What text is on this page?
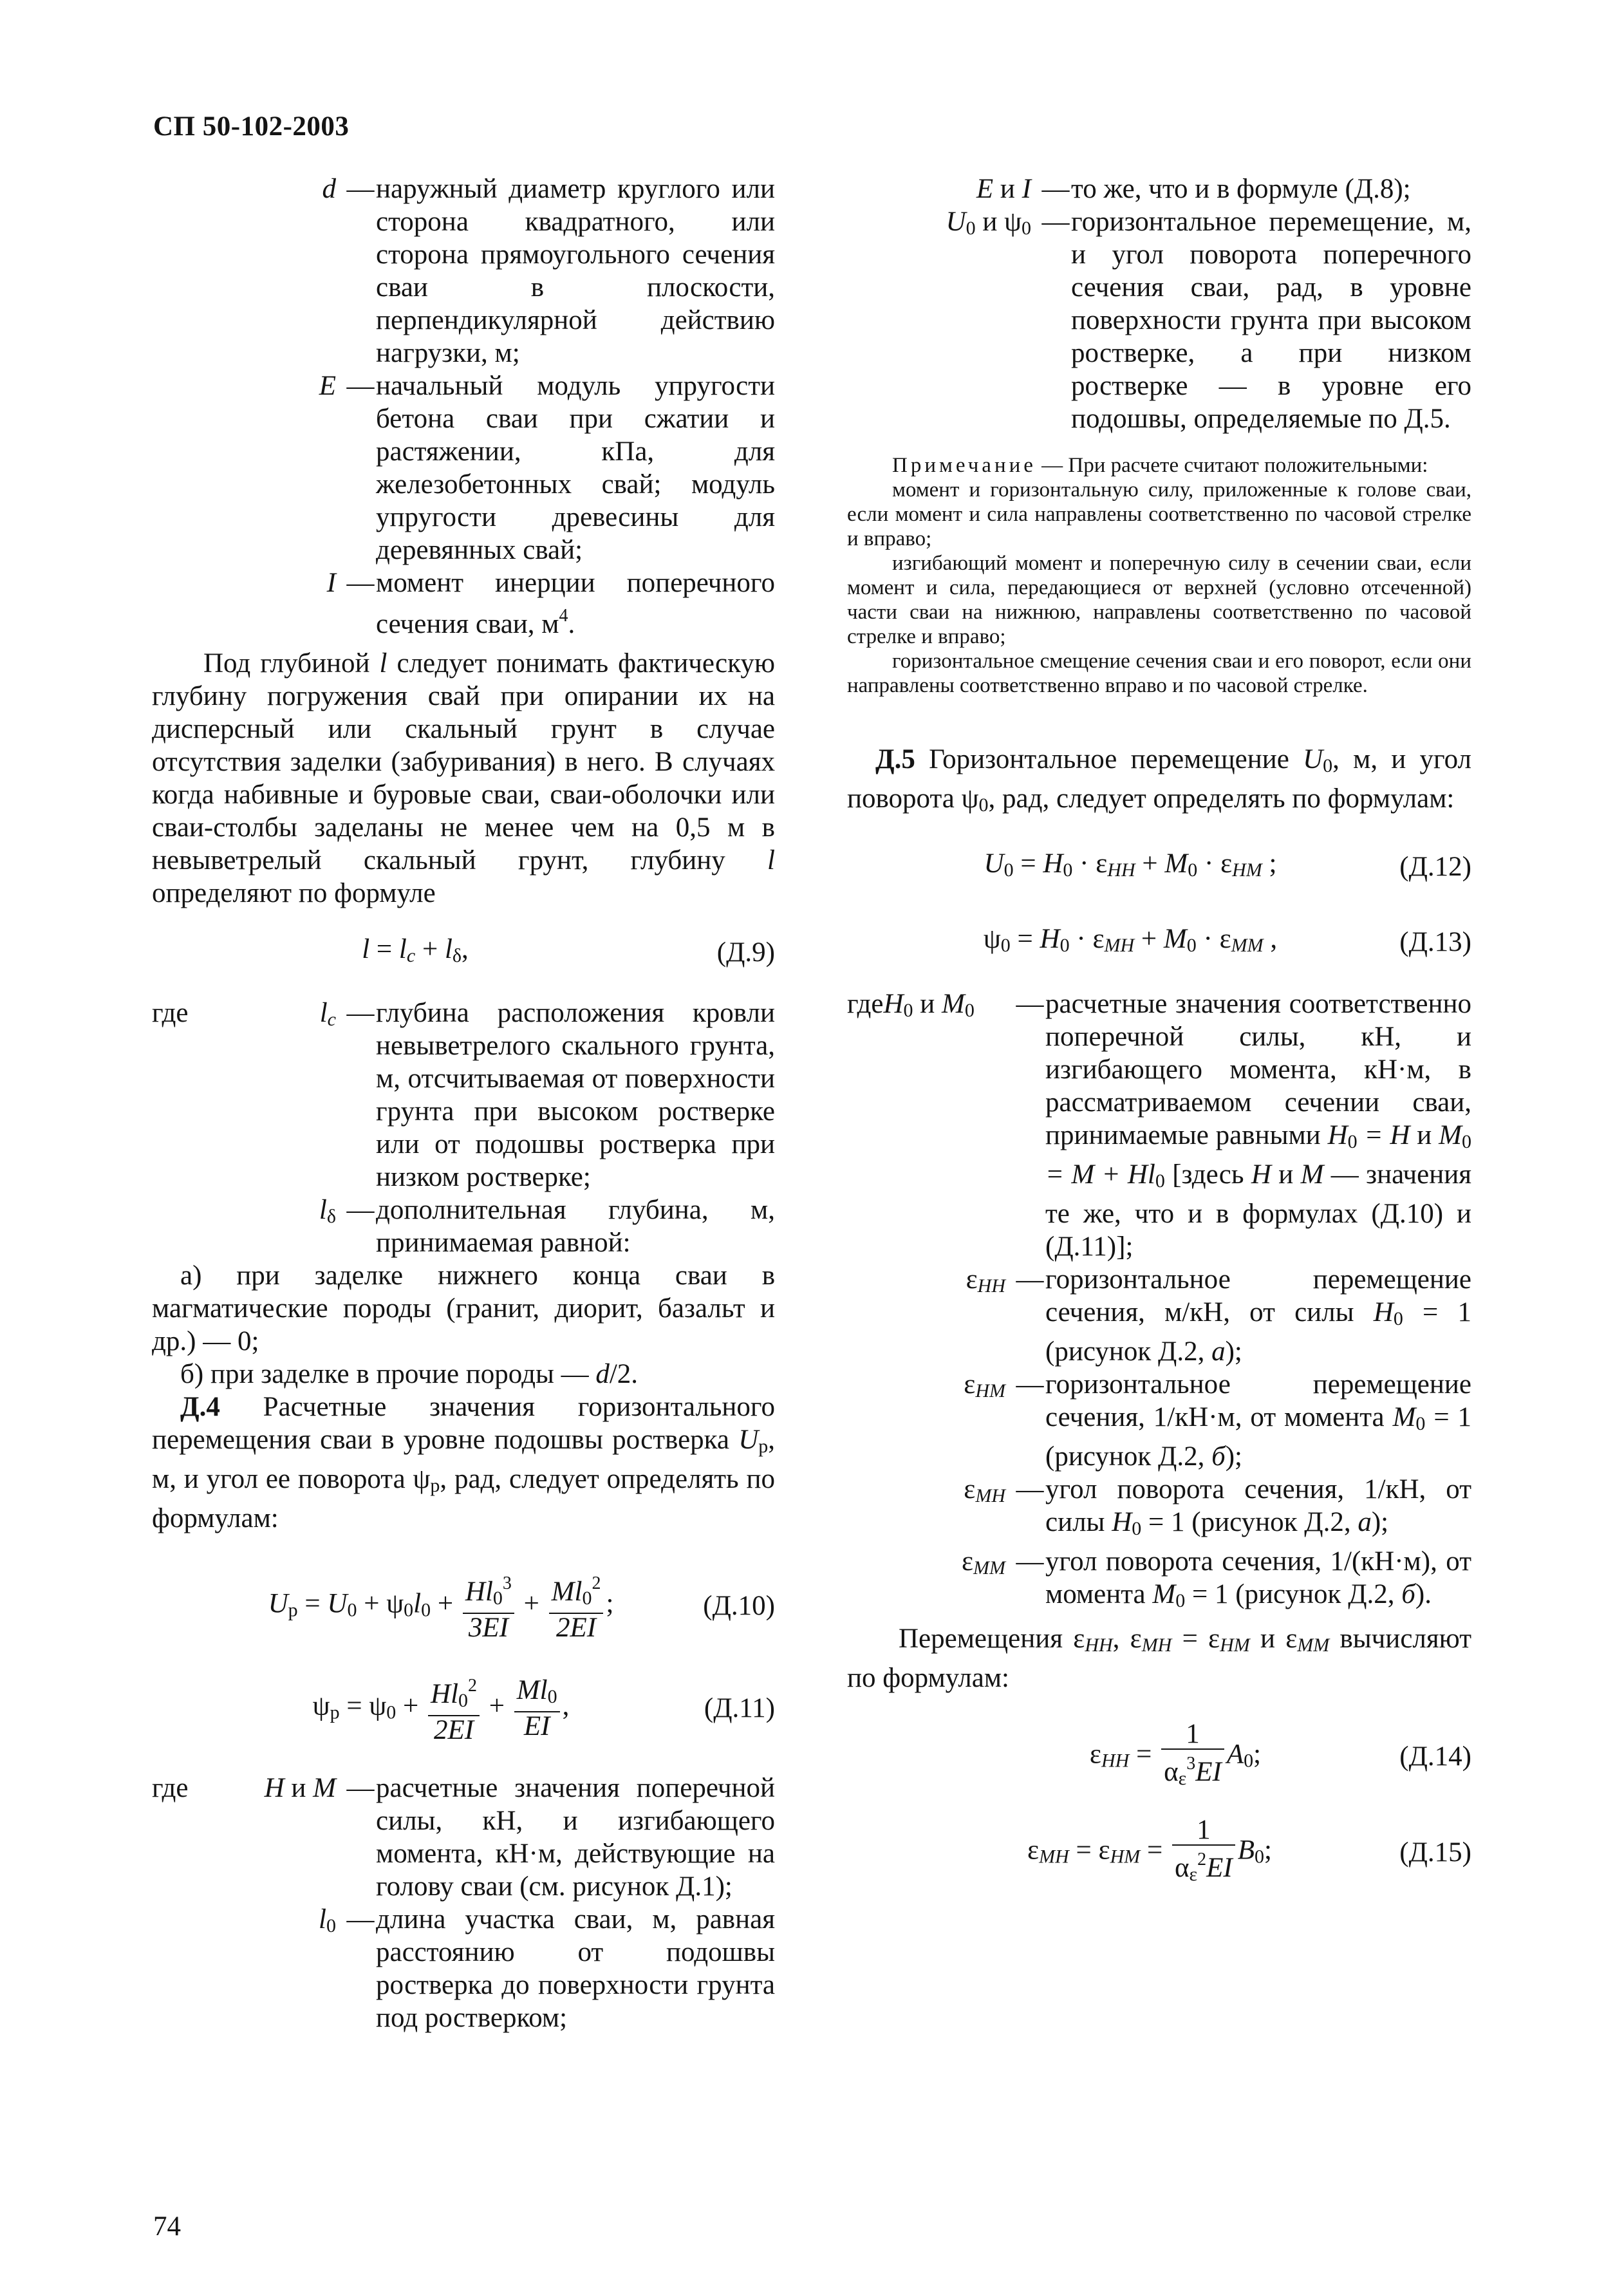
СП 50-102-2003
d — наружный диаметр круглого или сторона квадратного, или сторона прямоугольного сечения сваи в плоскости, перпендикулярной действию нагрузки, м;
E — начальный модуль упругости бетона сваи при сжатии и растяжении, кПа, для железобетонных свай; модуль упругости древесины для деревянных свай;
I — момент инерции поперечного сечения сваи, $м^4$.

Под глубиной l следует понимать фактическую глубину погружения свай при опирании их на дисперсный или скальный грунт в случае отсутствия заделки (забуривания) в него. В случаях когда набивные и буровые сваи, сваи-оболочки или сваи-столбы заделаны не менее чем на 0,5 м в невыветрелый скальный грунт, глубину l определяют по формуле

$l = l_c + l_\delta$,	(Д.9)
где	$l_c$ — глубина расположения кровли невыветрелого скального грунта, м, отсчитываемая от поверхности грунта при высоком ростверке или от подошвы ростверка при низком ростверке;
$l_\delta$ — дополнительная глубина, м, принимаемая равной:

а) при заделке нижнего конца сваи в магматические породы (гранит, диорит, базальт и др.) — 0;

б) при заделке в прочие породы — d/2.

Д.4 Расчетные значения горизонтального перемещения сваи в уровне подошвы ростверка $U_р$, м, и угол ее поворота $\psi_р$, рад, следует определять по формулам:

$U_р = U_0 + \psi_0l_0 + \frac{Hl_0^3}{3EI} + \frac{Ml_0^2}{2EI}$ ;	(Д.10)
$\psi_р = \psi_0 + \frac{Hl_0^2}{2EI} + \frac{Ml_0}{EI}$ ,	(Д.11)
где	H и M — расчетные значения поперечной силы, кН, и изгибающего момента, кН·м, действующие на голову сваи (см. рисунок Д.1);
$l_0$ — длина участка сваи, м, равная расстоянию от подошвы ростверка до поверхности грунта под ростверком;
E и I — то же, что и в формуле (Д.8);
$U_0$ и $\psi_0$ — горизонтальное перемещение, м, и угол поворота поперечного сечения сваи, рад, в уровне поверхности грунта при высоком ростверке, а при низком ростверке — в уровне его подошвы, определяемые по Д.5.

Примечание — При расчете считают положительными:

момент и горизонтальную силу, приложенные к голове сваи, если момент и сила направлены соответственно по часовой стрелке и вправо;

изгибающий момент и поперечную силу в сечении сваи, если момент и сила, передающиеся от верхней (условно отсеченной) части сваи на нижнюю, направлены соответственно по часовой стрелке и вправо;

горизонтальное смещение сечения сваи и его поворот, если они направлены соответственно вправо и по часовой стрелке.

Д.5 Горизонтальное перемещение $U_0$, м, и угол поворота $\psi_0$, рад, следует определять по формулам:

$U_0 = H_0 \cdot \varepsilon_{HH} + M_0 \cdot \varepsilon_{HM}$ ;	(Д.12)
$\psi_0 = H_0 \cdot \varepsilon_{MH} + M_0 \cdot \varepsilon_{MM}$ ,	(Д.13)
гдеH$_0$ и $M_0$	— расчетные значения соответственно поперечной силы, кН, и изгибающего момента, кН·м, в рассматриваемом сечении сваи, принимаемые равными $H_0 = H$ и $M_0 = M + Hl_0$ [здесь H и M — значения те же, что и в формулах (Д.10) и (Д.11)];
$\varepsilon_{HH}$ — горизонтальное перемещение сечения, м/кН, от силы $H_0 = 1$ (рисунок Д.2, а);
$\varepsilon_{HM}$ — горизонтальное перемещение сечения, 1/кН·м, от момента $M_0 = 1$ (рисунок Д.2, б);
$\varepsilon_{MH}$ — угол поворота сечения, 1/кН, от силы $H_0 = 1$ (рисунок Д.2, а);
$\varepsilon_{MM}$ — угол поворота сечения, 1/(кН·м), от момента $M_0 = 1$ (рисунок Д.2, б).

Перемещения $\varepsilon_{HH}$, $\varepsilon_{MH} = \varepsilon_{HM}$ и $\varepsilon_{MM}$ вычисляют по формулам:

$\varepsilon_{HH} = \frac{1}{\alpha_\varepsilon^3EI} A_0$;	(Д.14)
$\varepsilon_{MH} = \varepsilon_{HM} = \frac{1}{\alpha_\varepsilon^2EI} B_0$;	(Д.15)
74
